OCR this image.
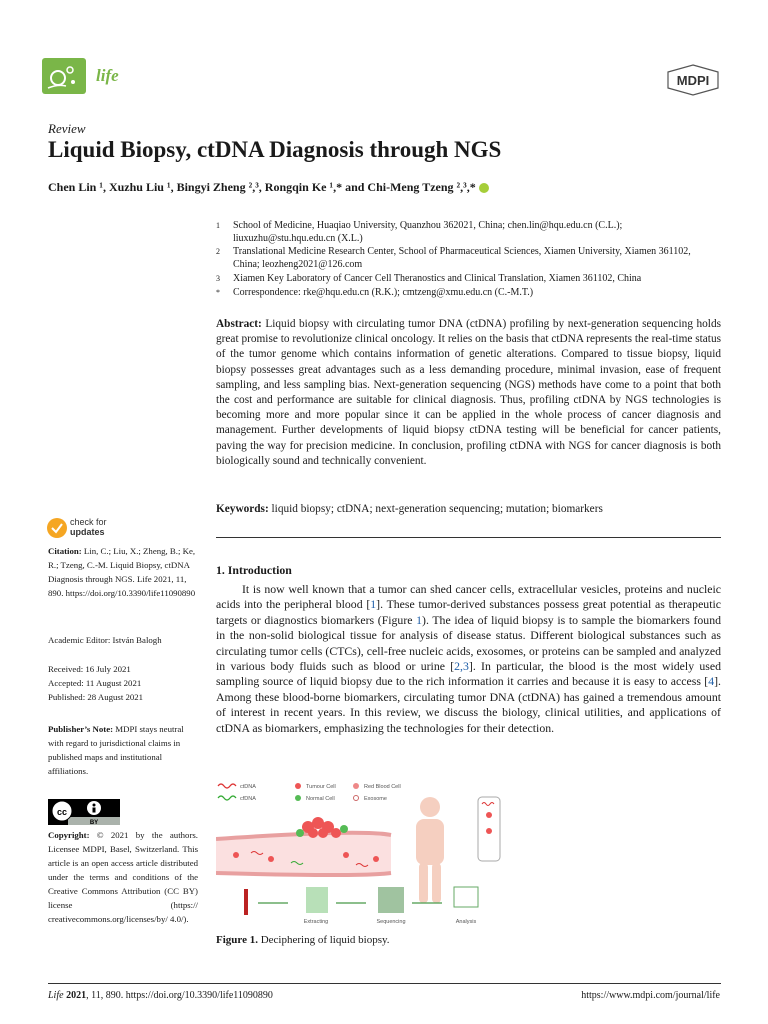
life	MDPI
Review
Liquid Biopsy, ctDNA Diagnosis through NGS
Chen Lin ¹, Xuzhu Liu ¹, Bingyi Zheng ²,³, Rongqin Ke ¹,* and Chi-Meng Tzeng ²,³,*
1	School of Medicine, Huaqiao University, Quanzhou 362021, China; chen.lin@hqu.edu.cn (C.L.); liuxuzhu@stu.hqu.edu.cn (X.L.)
2	Translational Medicine Research Center, School of Pharmaceutical Sciences, Xiamen University, Xiamen 361102, China; leozheng2021@126.com
3	Xiamen Key Laboratory of Cancer Cell Theranostics and Clinical Translation, Xiamen 361102, China
*	Correspondence: rke@hqu.edu.cn (R.K.); cmtzeng@xmu.edu.cn (C.-M.T.)
Abstract: Liquid biopsy with circulating tumor DNA (ctDNA) profiling by next-generation sequencing holds great promise to revolutionize clinical oncology. It relies on the basis that ctDNA represents the real-time status of the tumor genome which contains information of genetic alterations. Compared to tissue biopsy, liquid biopsy possesses great advantages such as a less demanding procedure, minimal invasion, ease of frequent sampling, and less sampling bias. Next-generation sequencing (NGS) methods have come to a point that both the cost and performance are suitable for clinical diagnosis. Thus, profiling ctDNA by NGS technologies is becoming more and more popular since it can be applied in the whole process of cancer diagnosis and management. Further developments of liquid biopsy ctDNA testing will be beneficial for cancer patients, paving the way for precision medicine. In conclusion, profiling ctDNA with NGS for cancer diagnosis is both biologically sound and technically convenient.
Keywords: liquid biopsy; ctDNA; next-generation sequencing; mutation; biomarkers
1. Introduction
It is now well known that a tumor can shed cancer cells, extracellular vesicles, proteins and nucleic acids into the peripheral blood [1]. These tumor-derived substances possess great potential as therapeutic targets or diagnostics biomarkers (Figure 1). The idea of liquid biopsy is to sample the biomarkers found in the non-solid biological tissue for analysis of disease status. Different biological substances such as circulating tumor cells (CTCs), cell-free nucleic acids, exosomes, or proteins can be sampled and analyzed in various body fluids such as blood or urine [2,3]. In particular, the blood is the most widely used sampling source of liquid biopsy due to the rich information it carries and because it is easy to access [4]. Among these blood-borne biomarkers, circulating tumor DNA (ctDNA) has gained a tremendous amount of interest in recent years. In this review, we discuss the biology, clinical utilities, and applications of ctDNA as biomarkers, emphasizing the technologies for their detection.
ctDNA
cfDNA
Tumour Cell
Normal Cell
Red Blood Cell
Exosome
Extracting	Sequencing	Analysis
Figure 1. Deciphering of liquid biopsy.
check for
updates
Citation: Lin, C.; Liu, X.; Zheng, B.; Ke, R.; Tzeng, C.-M. Liquid Biopsy, ctDNA Diagnosis through NGS. Life 2021, 11, 890. https://doi.org/10.3390/life11090890
Academic Editor: István Balogh
Received: 16 July 2021
Accepted: 11 August 2021
Published: 28 August 2021
Publisher’s Note: MDPI stays neutral with regard to jurisdictional claims in published maps and institutional affiliations.
cc
BY
Copyright: © 2021 by the authors. Licensee MDPI, Basel, Switzerland. This article is an open access article distributed under the terms and conditions of the Creative Commons Attribution (CC BY) license (https:// creativecommons.org/licenses/by/ 4.0/).
Life 2021, 11, 890. https://doi.org/10.3390/life11090890	https://www.mdpi.com/journal/life
